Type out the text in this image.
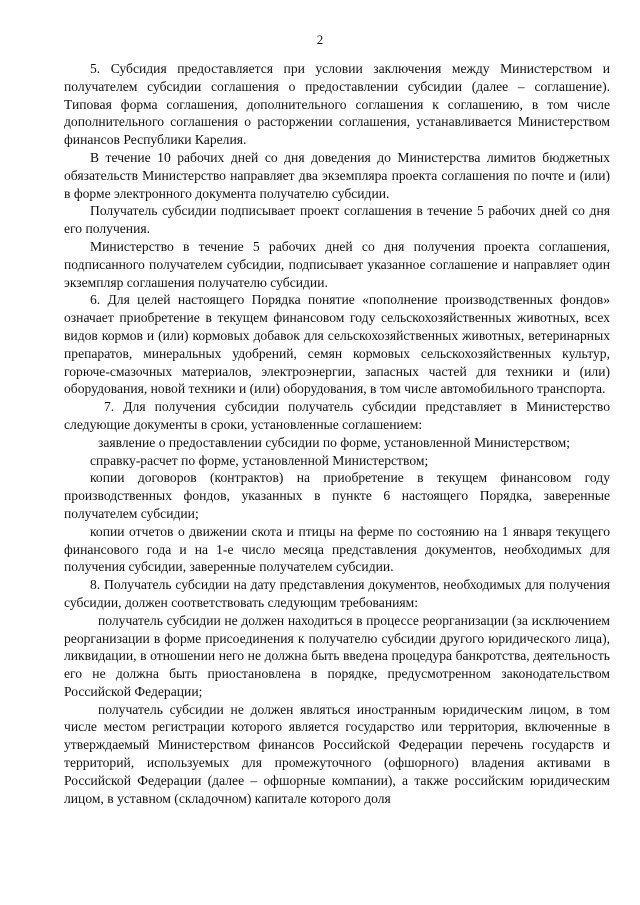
2

5. Субсидия предоставляется при условии заключения между Министерством и получателем субсидии соглашения о предоставлении субсидии (далее – соглашение). Типовая форма соглашения, дополнительного соглашения к соглашению, в том числе дополнительного соглашения о расторжении соглашения, устанавливается Министерством финансов Республики Карелия.

В течение 10 рабочих дней со дня доведения до Министерства лимитов бюджетных обязательств Министерство направляет два экземпляра проекта соглашения по почте и (или) в форме электронного документа получателю субсидии.

Получатель субсидии подписывает проект соглашения в течение 5 рабочих дней со дня его получения.

Министерство в течение 5 рабочих дней со дня получения проекта соглашения, подписанного получателем субсидии, подписывает указанное соглашение и направляет один экземпляр соглашения получателю субсидии.

6. Для целей настоящего Порядка понятие «пополнение производственных фондов» означает приобретение в текущем финансовом году сельскохозяйственных животных, всех видов кормов и (или) кормовых добавок для сельскохозяйственных животных, ветеринарных препаратов, минеральных удобрений, семян кормовых сельскохозяйственных культур, горюче-смазочных материалов, электроэнергии, запасных частей для техники и (или) оборудования, новой техники и (или) оборудования, в том числе автомобильного транспорта.

7. Для получения субсидии получатель субсидии представляет в Министерство следующие документы в сроки, установленные соглашением:

заявление о предоставлении субсидии по форме, установленной Министерством;

справку-расчет по форме, установленной Министерством;

копии договоров (контрактов) на приобретение в текущем финансовом году производственных фондов, указанных в пункте 6 настоящего Порядка, заверенные получателем субсидии;

копии отчетов о движении скота и птицы на ферме по состоянию на 1 января текущего финансового года и на 1-е число месяца представления документов, необходимых для получения субсидии, заверенные получателем субсидии.

8. Получатель субсидии на дату представления документов, необходимых для получения субсидии, должен соответствовать следующим требованиям:

получатель субсидии не должен находиться в процессе реорганизации (за исключением реорганизации в форме присоединения к получателю субсидии другого юридического лица), ликвидации, в отношении него не должна быть введена процедура банкротства, деятельность его не должна быть приостановлена в порядке, предусмотренном законодательством Российской Федерации;

получатель субсидии не должен являться иностранным юридическим лицом, в том числе местом регистрации которого является государство или территория, включенные в утверждаемый Министерством финансов Российской Федерации перечень государств и территорий, используемых для промежуточного (офшорного) владения активами в Российской Федерации (далее – офшорные компании), а также российским юридическим лицом, в уставном (складочном) капитале которого доля
